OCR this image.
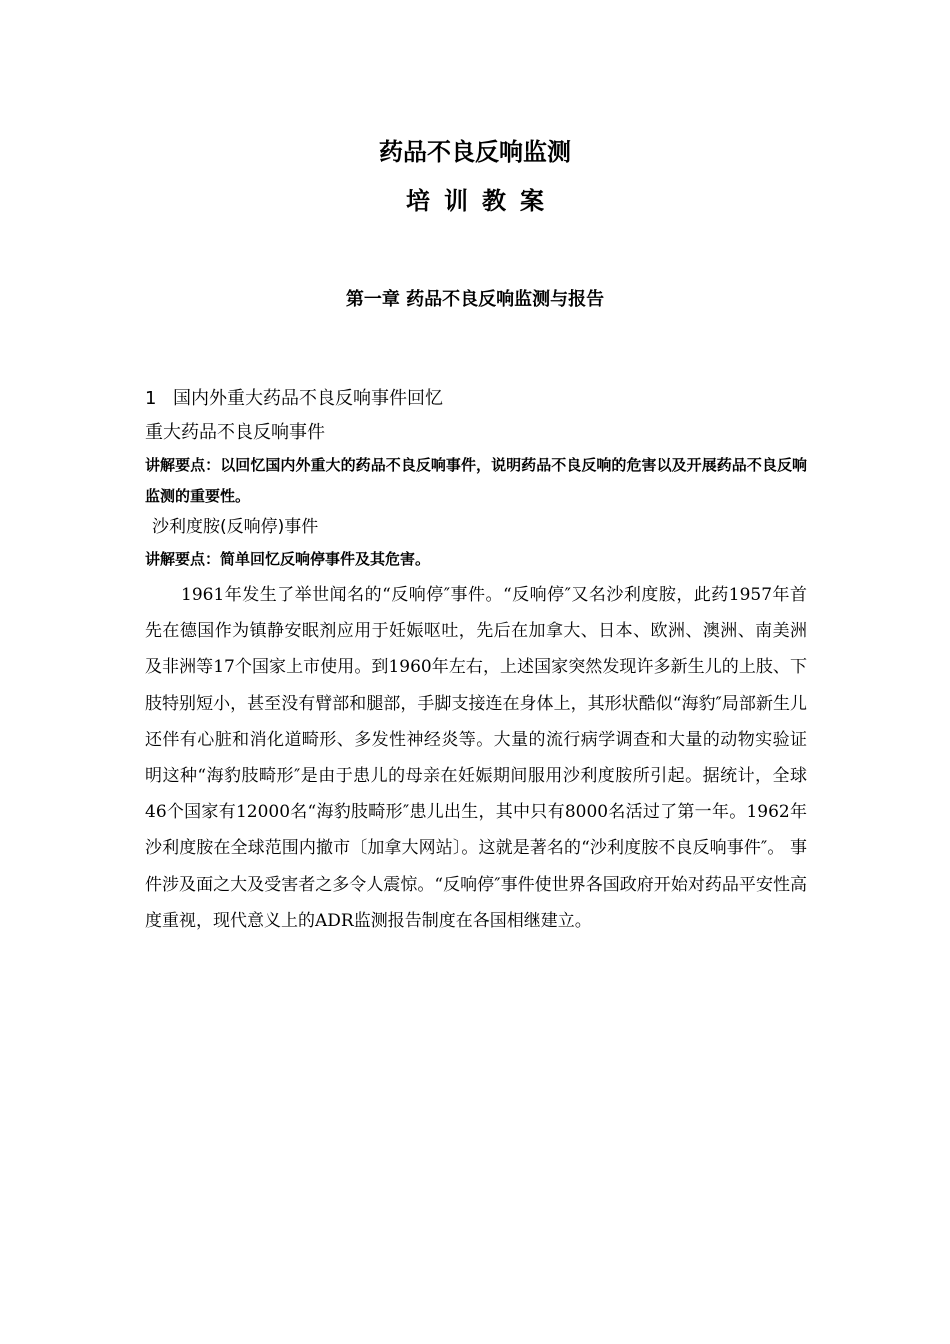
药品不良反响监测
培训教案
第一章 药品不良反响监测与报告

1 国内外重大药品不良反响事件回忆

重大药品不良反响事件

讲解要点：以回忆国内外重大的药品不良反响事件，说明药品不良反响的危害以及开展药品不良反响监测的重要性。

沙利度胺(反响停)事件

讲解要点：简单回忆反响停事件及其危害。

1961年发生了举世闻名的“反响停″事件。“反响停″又名沙利度胺，此药1957年首先在德国作为镇静安眠剂应用于妊娠呕吐，先后在加拿大、日本、欧洲、澳洲、南美洲及非洲等17个国家上市使用。到1960年左右，上述国家突然发现许多新生儿的上肢、下肢特别短小，甚至没有臂部和腿部，手脚支接连在身体上，其形状酷似“海豹″局部新生儿还伴有心脏和消化道畸形、多发性神经炎等。大量的流行病学调查和大量的动物实验证明这种“海豹肢畸形″是由于患儿的母亲在妊娠期间服用沙利度胺所引起。据统计，全球46个国家有12000名“海豹肢畸形″患儿出生，其中只有8000名活过了第一年。1962年沙利度胺在全球范围内撤市〔加拿大网站〕。这就是著名的“沙利度胺不良反响事件″。 事件涉及面之大及受害者之多令人震惊。“反响停″事件使世界各国政府开始对药品平安性高度重视，现代意义上的ADR监测报告制度在各国相继建立。
